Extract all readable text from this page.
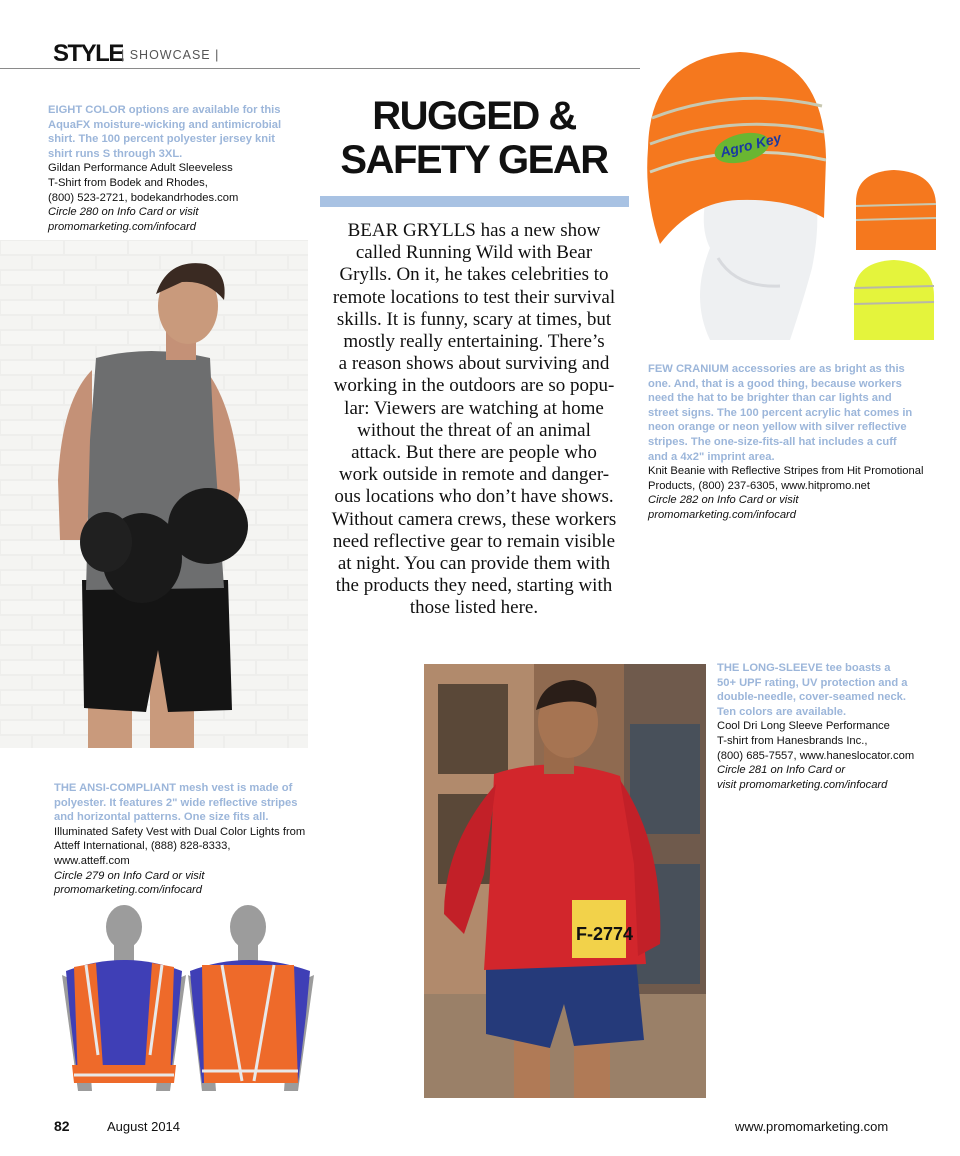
STYLE
| SHOWCASE |
RUGGED &
SAFETY GEAR
BEAR GRYLLS has a new show
called Running Wild with Bear
Grylls. On it, he takes celebrities to
remote locations to test their survival
skills. It is funny, scary at times, but
mostly really entertaining. There’s
a reason shows about surviving and
working in the outdoors are so popu-
lar: Viewers are watching at home
without the threat of an animal
attack. But there are people who
work outside in remote and danger-
ous locations who don’t have shows.
Without camera crews, these workers
need reflective gear to remain visible
at night. You can provide them with
the products they need, starting with
those listed here.
EIGHT COLOR options are available for this
AquaFX moisture-wicking and antimicrobial
shirt. The 100 percent polyester jersey knit
shirt runs S through 3XL.
Gildan Performance Adult Sleeveless
T-Shirt from Bodek and Rhodes,
(800) 523-2721, bodekandrhodes.com
Circle 280 on Info Card or visit
promomarketing.com/infocard
Agro Key
FEW CRANIUM accessories are as bright as this
one. And, that is a good thing, because workers
need the hat to be brighter than car lights and
street signs. The 100 percent acrylic hat comes in
neon orange or neon yellow with silver reflective
stripes. The one-size-fits-all hat includes a cuff
and a 4x2" imprint area.
Knit Beanie with Reflective Stripes from Hit Promotional
Products, (800) 237-6305, www.hitpromo.net
Circle 282 on Info Card or visit
promomarketing.com/infocard
THE LONG-SLEEVE tee boasts a
50+ UPF rating, UV protection and a
double-needle, cover-seamed neck.
Ten colors are available.
Cool Dri Long Sleeve Performance
T-shirt from Hanesbrands Inc.,
(800) 685-7557, www.haneslocator.com
Circle 281 on Info Card or
visit promomarketing.com/infocard
F-2774
THE ANSI-COMPLIANT mesh vest is made of
polyester. It features 2" wide reflective stripes
and horizontal patterns. One size fits all.
Illuminated Safety Vest with Dual Color Lights from
Atteff International, (888) 828-8333,
www.atteff.com
Circle 279 on Info Card or visit
promomarketing.com/infocard
82	August 2014	www.promomarketing.com
